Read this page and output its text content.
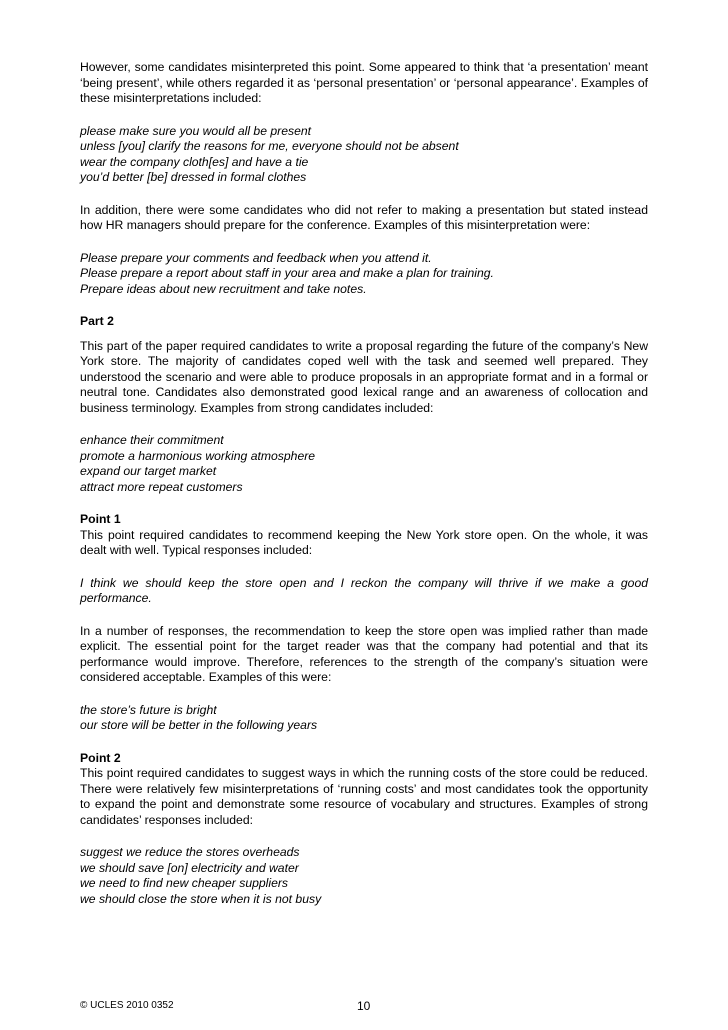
However, some candidates misinterpreted this point. Some appeared to think that ‘a presentation’ meant ‘being present’, while others regarded it as ‘personal presentation’ or ‘personal appearance’. Examples of these misinterpretations included:

please make sure you would all be present

unless [you] clarify the reasons for me, everyone should not be absent

wear the company cloth[es] and have a tie

you’d better [be] dressed in formal clothes

In addition, there were some candidates who did not refer to making a presentation but stated instead how HR managers should prepare for the conference. Examples of this misinterpretation were:

Please prepare your comments and feedback when you attend it.

Please prepare a report about staff in your area and make a plan for training.

Prepare ideas about new recruitment and take notes.

Part 2

This part of the paper required candidates to write a proposal regarding the future of the company’s New York store. The majority of candidates coped well with the task and seemed well prepared. They understood the scenario and were able to produce proposals in an appropriate format and in a formal or neutral tone. Candidates also demonstrated good lexical range and an awareness of collocation and business terminology. Examples from strong candidates included:

enhance their commitment

promote a harmonious working atmosphere

expand our target market

attract more repeat customers

Point 1

This point required candidates to recommend keeping the New York store open. On the whole, it was dealt with well. Typical responses included:

I think we should keep the store open and I reckon the company will thrive if we make a good performance.

In a number of responses, the recommendation to keep the store open was implied rather than made explicit. The essential point for the target reader was that the company had potential and that its performance would improve. Therefore, references to the strength of the company’s situation were considered acceptable. Examples of this were:

the store’s future is bright

our store will be better in the following years

Point 2

This point required candidates to suggest ways in which the running costs of the store could be reduced. There were relatively few misinterpretations of ‘running costs’ and most candidates took the opportunity to expand the point and demonstrate some resource of vocabulary and structures. Examples of strong candidates’ responses included:

suggest we reduce the stores overheads

we should save [on] electricity and water

we need to find new cheaper suppliers

we should close the store when it is not busy

© UCLES 2010 0352	10
